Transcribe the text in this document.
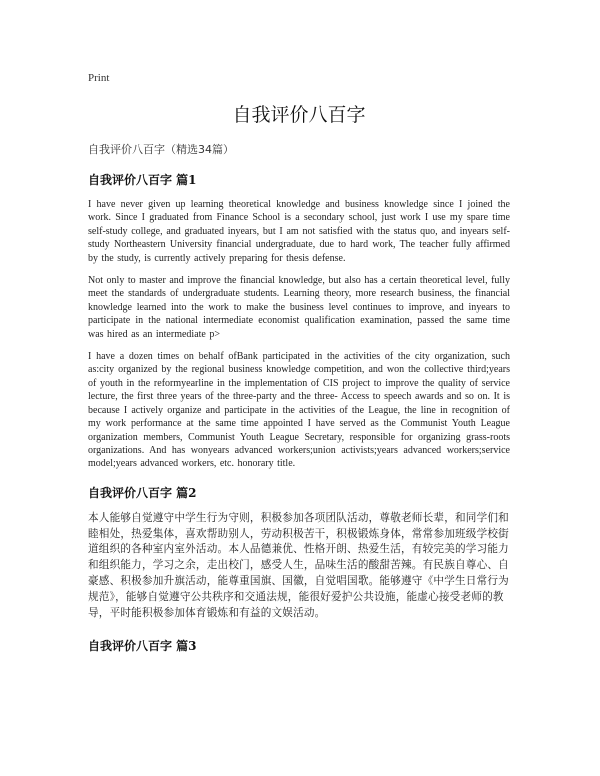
Print
自我评价八百字

自我评价八百字（精选34篇）

自我评价八百字 篇1

I have never given up learning theoretical knowledge and business knowledge since I joined the work. Since I graduated from Finance School is a secondary school, just work I use my spare time self-study college, and graduated inyears, but I am not satisfied with the status quo, and inyears self-study Northeastern University financial undergraduate, due to hard work, The teacher fully affirmed by the study, is currently actively preparing for thesis defense.

Not only to master and improve the financial knowledge, but also has a certain theoretical level, fully meet the standards of undergraduate students. Learning theory, more research business, the financial knowledge learned into the work to make the business level continues to improve, and inyears to participate in the national intermediate economist qualification examination, passed the same time was hired as an intermediate p>

I have a dozen times on behalf ofBank participated in the activities of the city organization, such as:city organized by the regional business knowledge competition, and won the collective third;years of youth in the reformyearline in the implementation of CIS project to improve the quality of service lecture, the first three years of the three-party and the three- Access to speech awards and so on. It is because I actively organize and participate in the activities of the League, the line in recognition of my work performance at the same time appointed I have served as the Communist Youth League organization members, Communist Youth League Secretary, responsible for organizing grass-roots organizations. And has wonyears advanced workers;union activists;years advanced workers;service model;years advanced workers, etc. honorary title.

自我评价八百字 篇2

本人能够自觉遵守中学生行为守则，积极参加各项团队活动，尊敬老师长辈，和同学们和睦相处，热爱集体，喜欢帮助别人，劳动积极苦干，积极锻炼身体，常常参加班级学校街道组织的各种室内室外活动。本人品德兼优、性格开朗、热爱生活，有较完美的学习能力和组织能力，学习之余，走出校门，感受人生，品味生活的酸甜苦辣。有民族自尊心、自豪感、积极参加升旗活动，能尊重国旗、国徽，自觉唱国歌。能够遵守《中学生日常行为规范》，能够自觉遵守公共秩序和交通法规，能很好爱护公共设施，能虚心接受老师的教导，平时能积极参加体育锻炼和有益的文娱活动。

自我评价八百字 篇3
